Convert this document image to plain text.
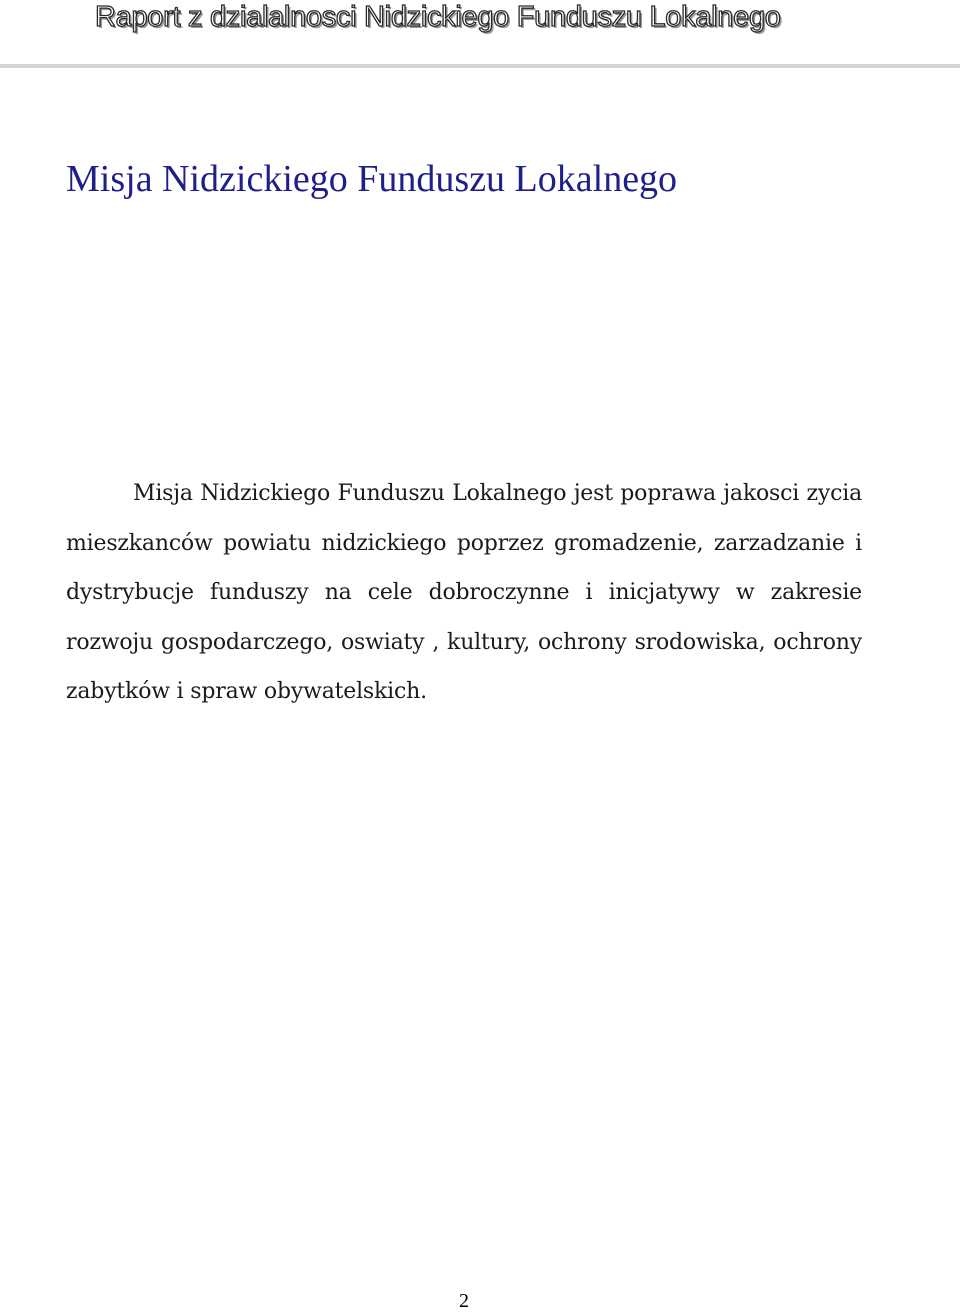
Raport z dzialalnosci Nidzickiego Funduszu Lokalnego
Misja Nidzickiego Funduszu Lokalnego

Misja Nidzickiego Funduszu Lokalnego jest poprawa jakosci zycia mieszkanców powiatu nidzickiego poprzez gromadzenie, zarzadzanie i dystrybucje funduszy na cele dobroczynne i inicjatywy w zakresie rozwoju gospodarczego, oswiaty , kultury, ochrony srodowiska, ochrony zabytków i spraw obywatelskich.

2
